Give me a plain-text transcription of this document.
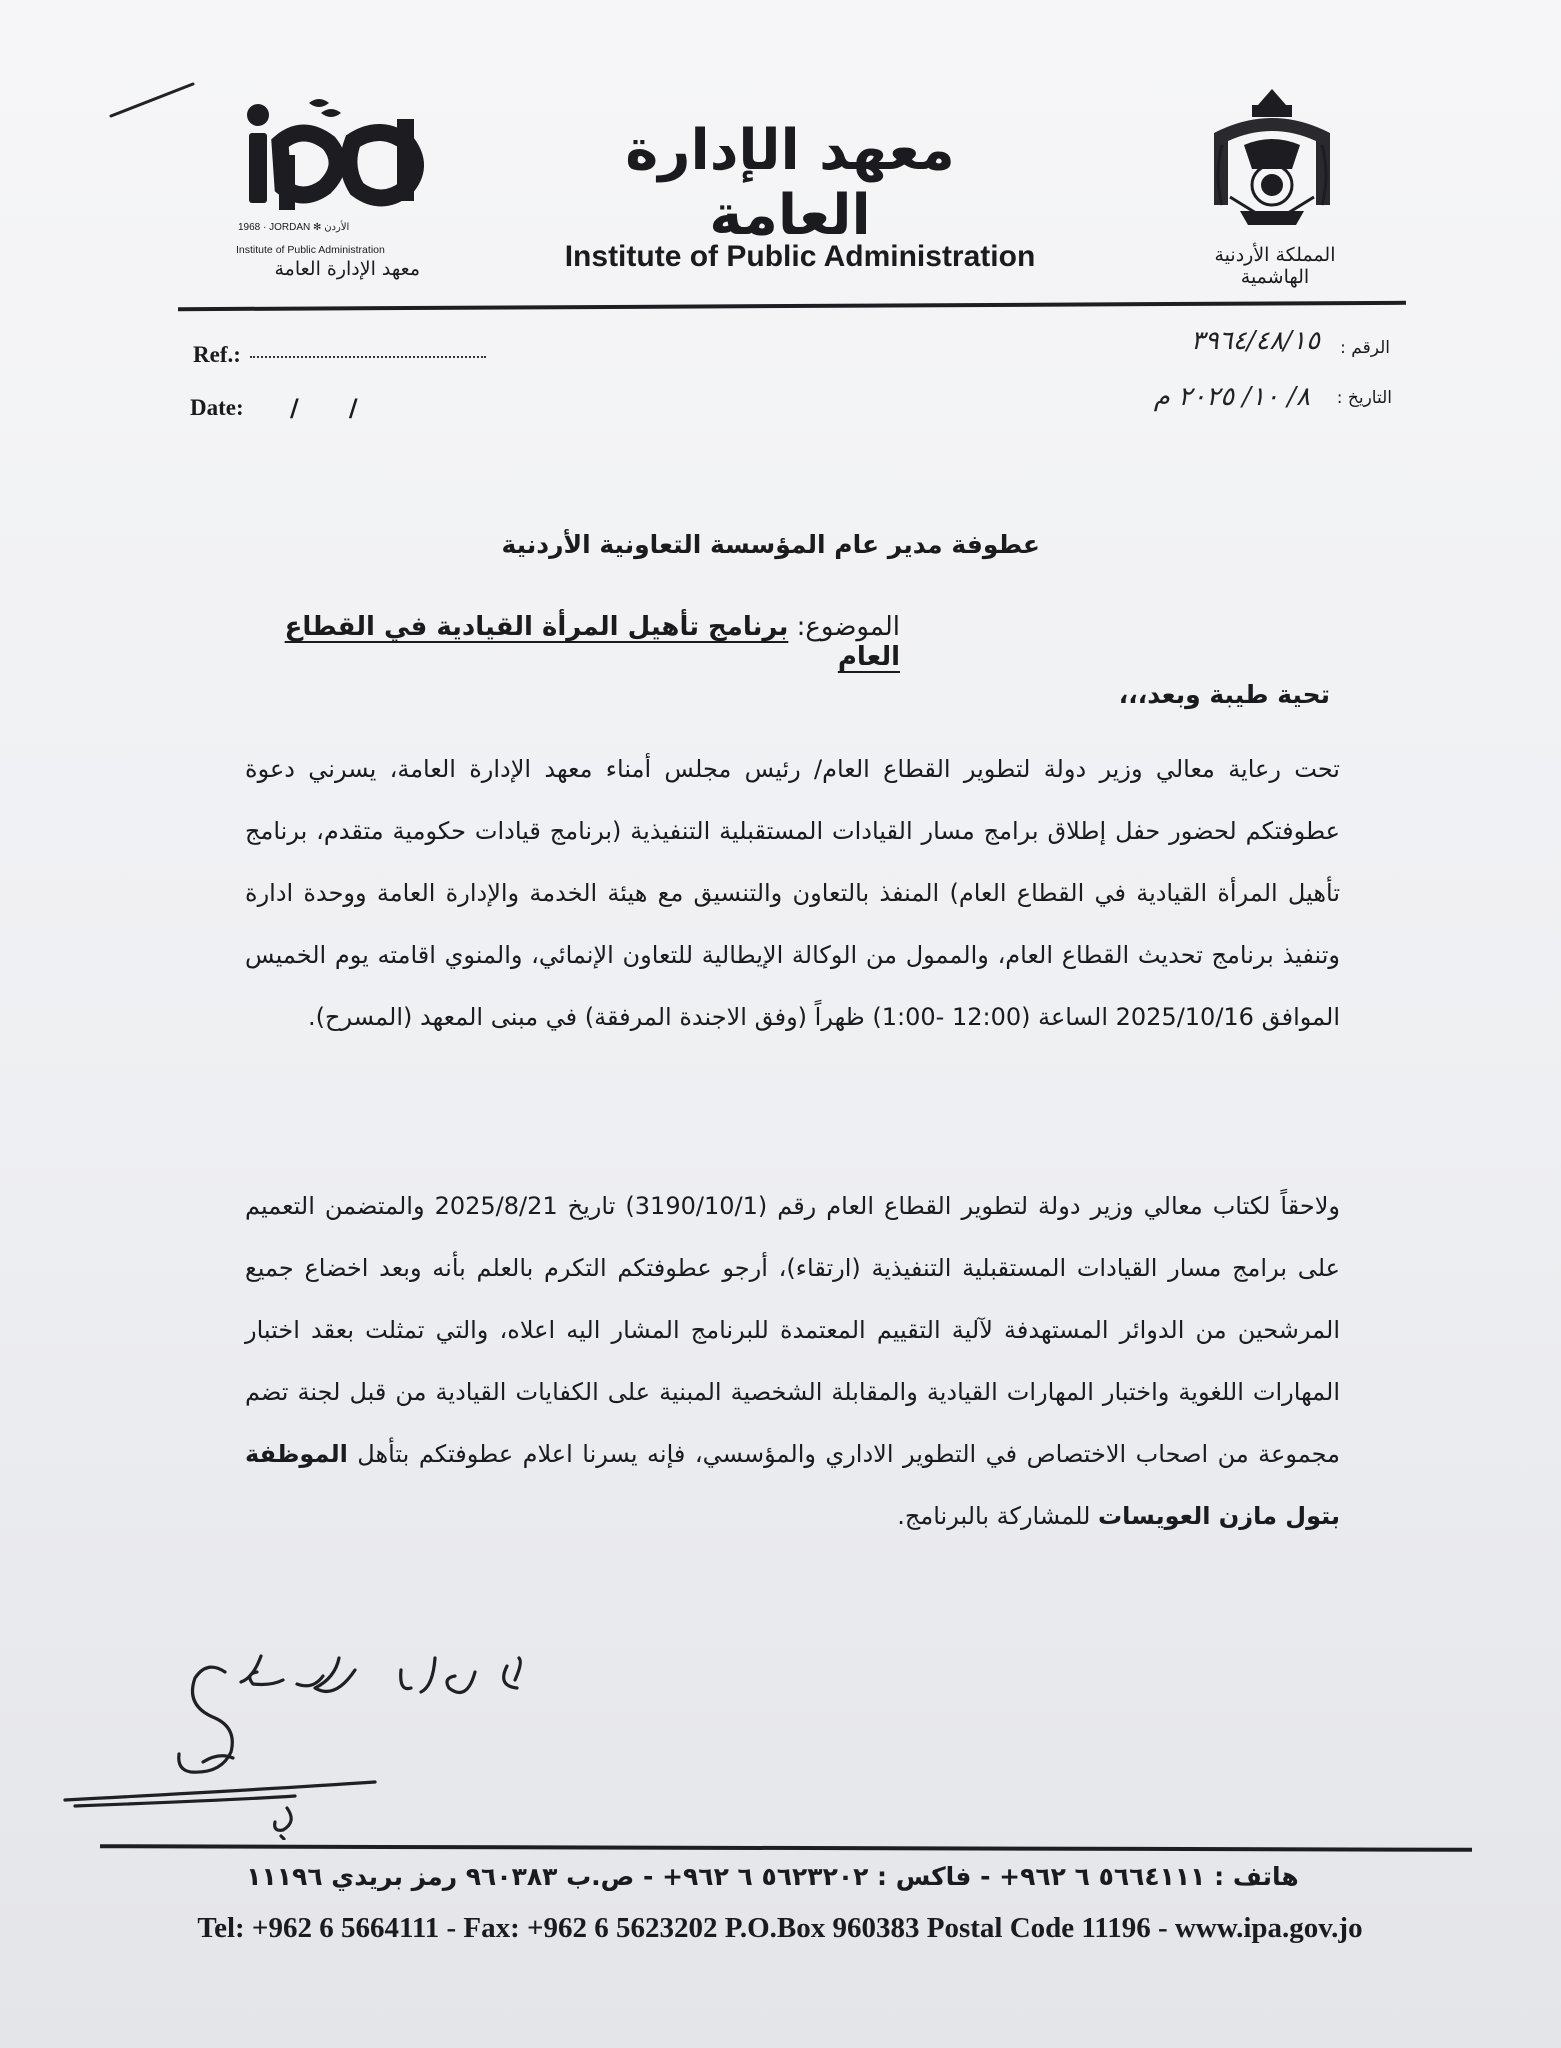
1968 · JORDAN ✻ الأردن
Institute of Public Administration
معهد الإدارة العامة
معهد الإدارة العامة
Institute of Public Administration	المملكة الأردنية الهاشمية
Ref.:
Date: /      /
الرقم :
٣٩٦٤/٤٨/١٥
التاريخ :
٨/ ١٠/ ٢٠٢٥ م
عطوفة مدير عام المؤسسة التعاونية الأردنية
الموضوع: برنامج تأهيل المرأة القيادية في القطاع العام
تحية طيبة وبعد،،،
تحت رعاية معالي وزير دولة لتطوير القطاع العام/ رئيس مجلس أمناء معهد الإدارة العامة، يسرني دعوة عطوفتكم لحضور حفل إطلاق برامج مسار القيادات المستقبلية التنفيذية (برنامج قيادات حكومية متقدم، برنامج تأهيل المرأة القيادية في القطاع العام) المنفذ بالتعاون والتنسيق مع هيئة الخدمة والإدارة العامة ووحدة ادارة وتنفيذ برنامج تحديث القطاع العام، والممول من الوكالة الإيطالية للتعاون الإنمائي، والمنوي اقامته يوم الخميس الموافق 2025/10/16 الساعة (12:00 -1:00) ظهراً (وفق الاجندة المرفقة) في مبنى المعهد (المسرح).
ولاحقاً لكتاب معالي وزير دولة لتطوير القطاع العام رقم (3190/10/1) تاريخ 2025/8/21 والمتضمن التعميم على برامج مسار القيادات المستقبلية التنفيذية (ارتقاء)، أرجو عطوفتكم التكرم بالعلم بأنه وبعد اخضاع جميع المرشحين من الدوائر المستهدفة لآلية التقييم المعتمدة للبرنامج المشار اليه اعلاه، والتي تمثلت بعقد اختبار المهارات اللغوية واختبار المهارات القيادية والمقابلة الشخصية المبنية على الكفايات القيادية من قبل لجنة تضم مجموعة من اصحاب الاختصاص في التطوير الاداري والمؤسسي، فإنه يسرنا اعلام عطوفتكم بتأهل الموظفة بتول مازن العويسات للمشاركة بالبرنامج.
هاتف : ٥٦٦٤١١١ ٦ ٩٦٢+ - فاكس : ٥٦٢٣٢٠٢ ٦ ٩٦٢+ - ص.ب ٩٦٠٣٨٣ رمز بريدي ١١١٩٦
Tel: +962 6 5664111 - Fax: +962 6 5623202 P.O.Box 960383 Postal Code 11196 - www.ipa.gov.jo
